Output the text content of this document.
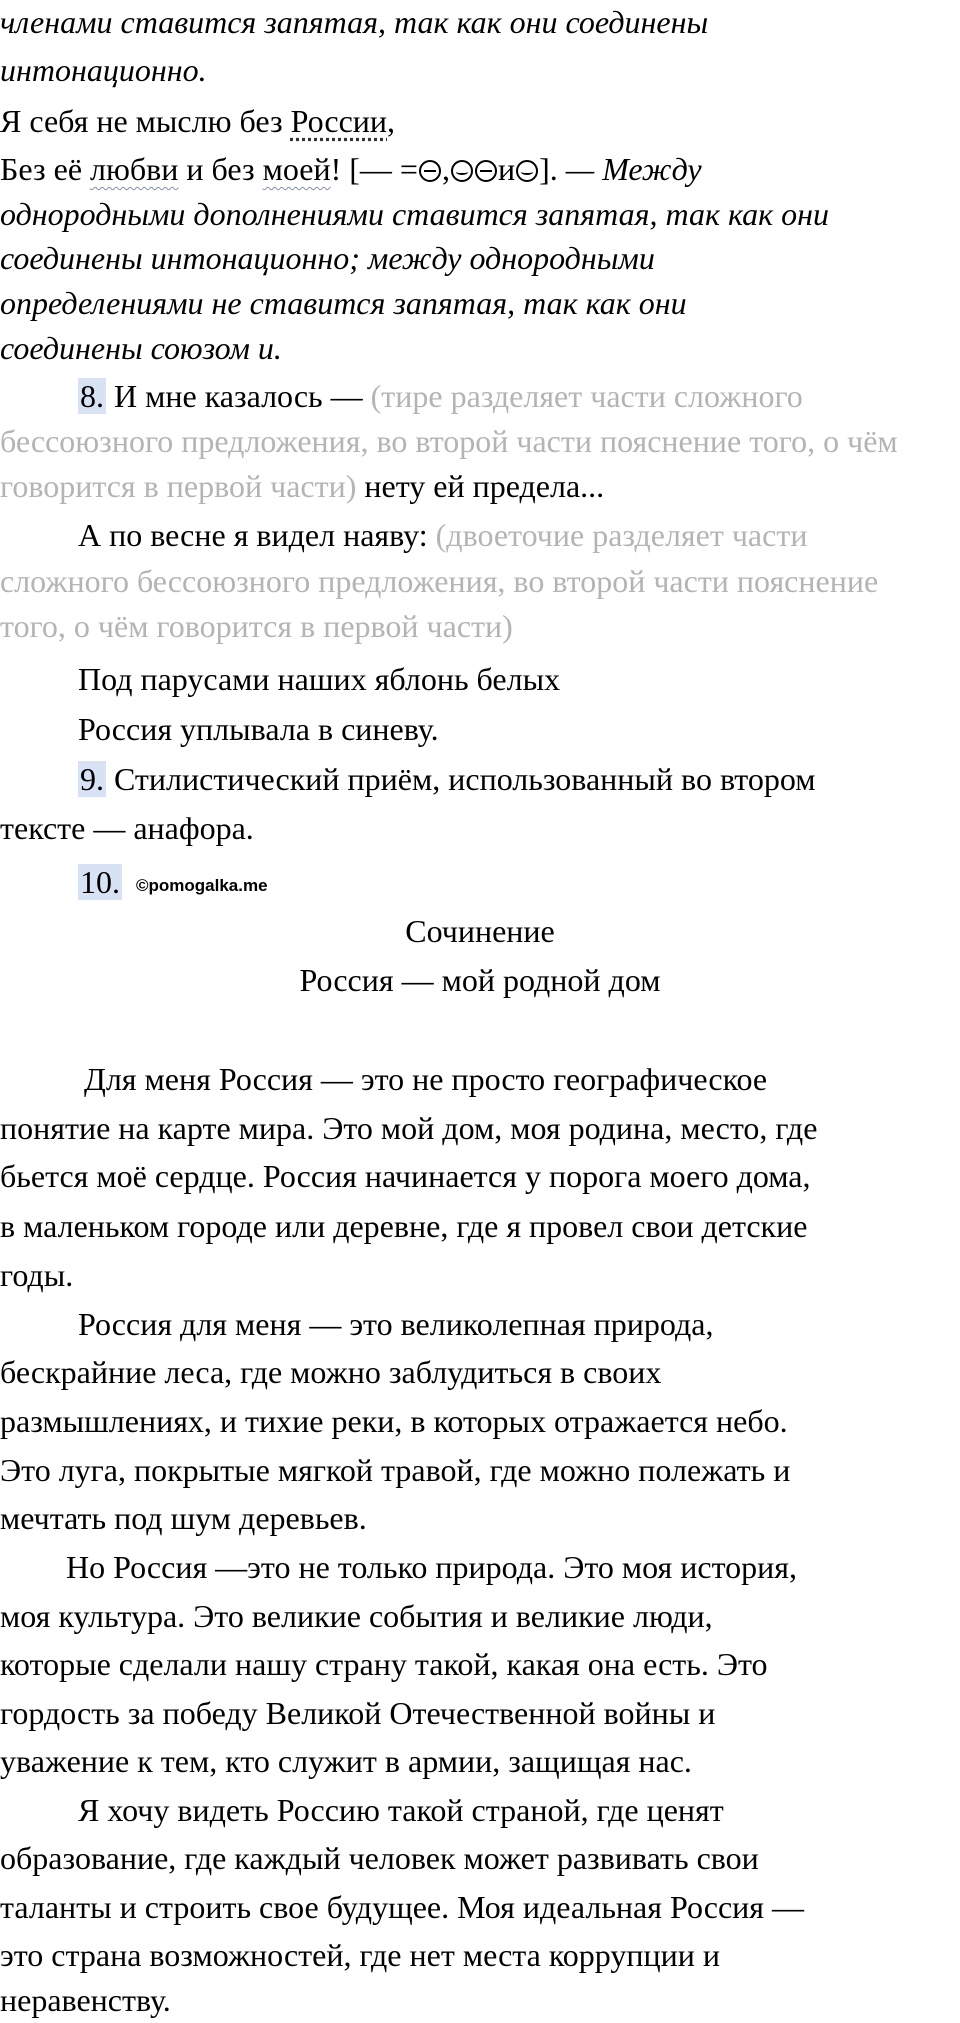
членами ставится запятая, так как они соединены

интонационно.

Я себя не мыслю без России,

Без её любви и без моей! [— = , и ]. — Между

однородными дополнениями ставится запятая, так как они

соединены интонационно; между однородными

определениями не ставится запятая, так как они

соединены союзом и.

8. И мне казалось — (тире разделяет части сложного

бессоюзного предложения, во второй части пояснение того, о чём

говорится в первой части) нету ей предела...

А по весне я видел наяву: (двоеточие разделяет части

сложного бессоюзного предложения, во второй части пояснение

того, о чём говорится в первой части)

Под парусами наших яблонь белых

Россия уплывала в синеву.

9. Стилистический приём, использованный во втором

тексте — анафора.

10. ©pomogalka.me

Сочинение

Россия — мой родной дом

Для меня Россия — это не просто географическое

понятие на карте мира. Это мой дом, моя родина, место, где

бьется моё сердце. Россия начинается у порога моего дома,

в маленьком городе или деревне, где я провел свои детские

годы.

Россия для меня — это великолепная природа,

бескрайние леса, где можно заблудиться в своих

размышлениях, и тихие реки, в которых отражается небо.

Это луга, покрытые мягкой травой, где можно полежать и

мечтать под шум деревьев.

Но Россия —это не только природа. Это моя история,

моя культура. Это великие события и великие люди,

которые сделали нашу страну такой, какая она есть. Это

гордость за победу Великой Отечественной войны и

уважение к тем, кто служит в армии, защищая нас.

Я хочу видеть Россию такой страной, где ценят

образование, где каждый человек может развивать свои

таланты и строить свое будущее. Моя идеальная Россия —

это страна возможностей, где нет места коррупции и

неравенству.
